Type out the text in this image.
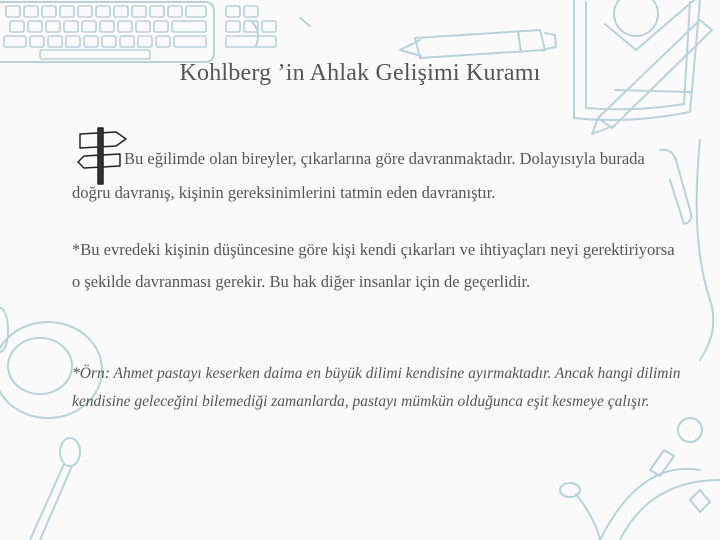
Kohlberg ’in Ahlak Gelişimi Kuramı
Bu eğilimde olan bireyler, çıkarlarına göre davranmaktadır. Dolayısıyla burada doğru davranış, kişinin gereksinimlerini tatmin eden davranıştır.
*Bu evredeki kişinin düşüncesine göre kişi kendi çıkarları ve ihtiyaçları neyi gerektiriyorsa o şekilde davranması gerekir. Bu hak diğer insanlar için de geçerlidir.
*Örn: Ahmet pastayı keserken daima en büyük dilimi kendisine ayırmaktadır. Ancak hangi dilimin kendisine geleceğini bilemediği zamanlarda, pastayı mümkün olduğunca eşit kesmeye çalışır.
